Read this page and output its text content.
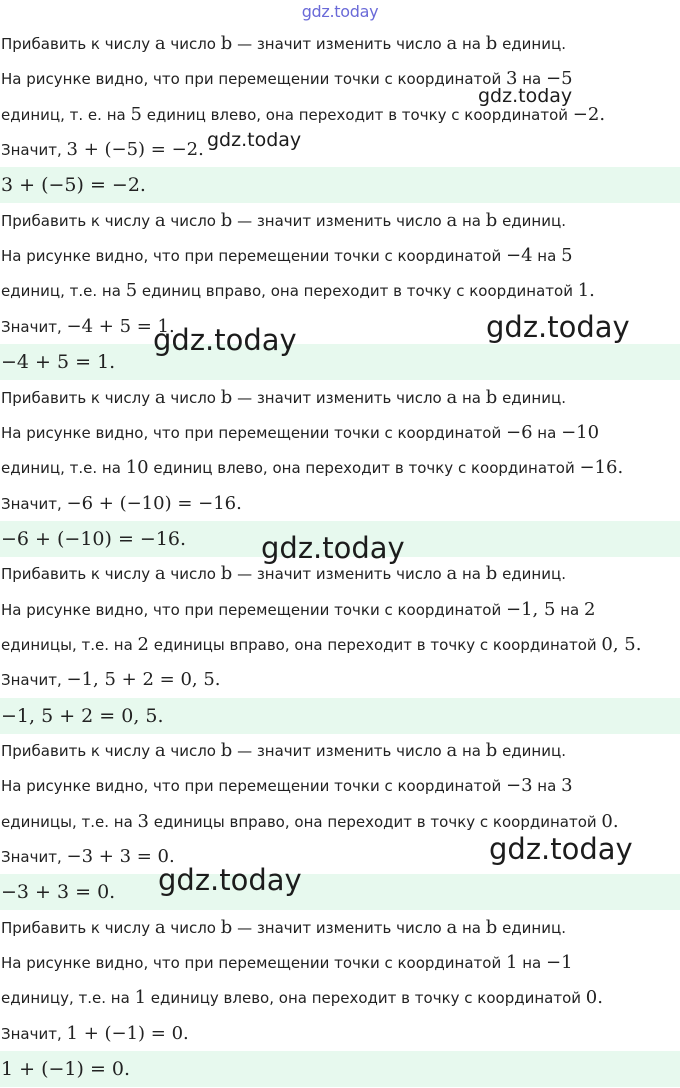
gdz.today
Прибавить к числу a число b — значит изменить число a на b единиц.
На рисунке видно, что при перемещении точки с координатой 3 на −5
единиц, т. е. на 5 единиц влево, она переходит в точку с координатой −2.
Значит, 3 + (−5) = −2.
3 + (−5) = −2.
Прибавить к числу a число b — значит изменить число a на b единиц.
На рисунке видно, что при перемещении точки с координатой −4 на 5
единиц, т.е. на 5 единиц вправо, она переходит в точку с координатой 1.
Значит, −4 + 5 = 1.
−4 + 5 = 1.
Прибавить к числу a число b — значит изменить число a на b единиц.
На рисунке видно, что при перемещении точки с координатой −6 на −10
единиц, т.е. на 10 единиц влево, она переходит в точку с координатой −16.
Значит, −6 + (−10) = −16.
−6 + (−10) = −16.
Прибавить к числу a число b — значит изменить число a на b единиц.
На рисунке видно, что при перемещении точки с координатой −1, 5 на 2
единицы, т.е. на 2 единицы вправо, она переходит в точку с координатой 0, 5.
Значит, −1, 5 + 2 = 0, 5.
−1, 5 + 2 = 0, 5.
Прибавить к числу a число b — значит изменить число a на b единиц.
На рисунке видно, что при перемещении точки с координатой −3 на 3
единицы, т.е. на 3 единицы вправо, она переходит в точку с координатой 0.
Значит, −3 + 3 = 0.
−3 + 3 = 0.
Прибавить к числу a число b — значит изменить число a на b единиц.
На рисунке видно, что при перемещении точки с координатой 1 на −1
единицу, т.е. на 1 единицу влево, она переходит в точку с координатой 0.
Значит, 1 + (−1) = 0.
1 + (−1) = 0.
gdz.today
gdz.today
gdz.today
gdz.today
gdz.today
gdz.today
gdz.today
